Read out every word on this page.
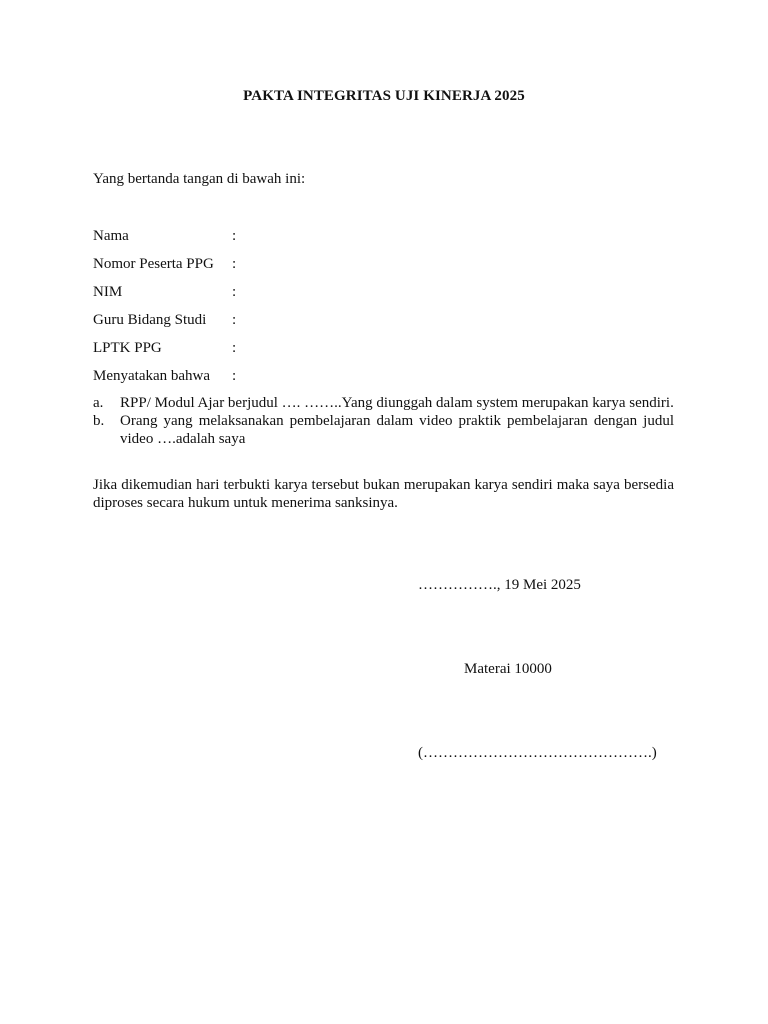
PAKTA INTEGRITAS UJI KINERJA 2025
Yang bertanda tangan di bawah ini:
Nama	:
Nomor Peserta PPG	:
NIM	:
Guru Bidang Studi	:
LPTK PPG	:
Menyatakan bahwa	:
a.	RPP/ Modul Ajar berjudul …. ……..Yang diunggah dalam system merupakan karya sendiri.
b.	Orang yang melaksanakan pembelajaran dalam video praktik pembelajaran dengan judul video ….adalah saya
Jika dikemudian hari terbukti karya tersebut bukan merupakan karya sendiri maka saya bersedia diproses secara hukum untuk menerima sanksinya.
……………., 19 Mei 2025
Materai 10000
(……………………………………….)
